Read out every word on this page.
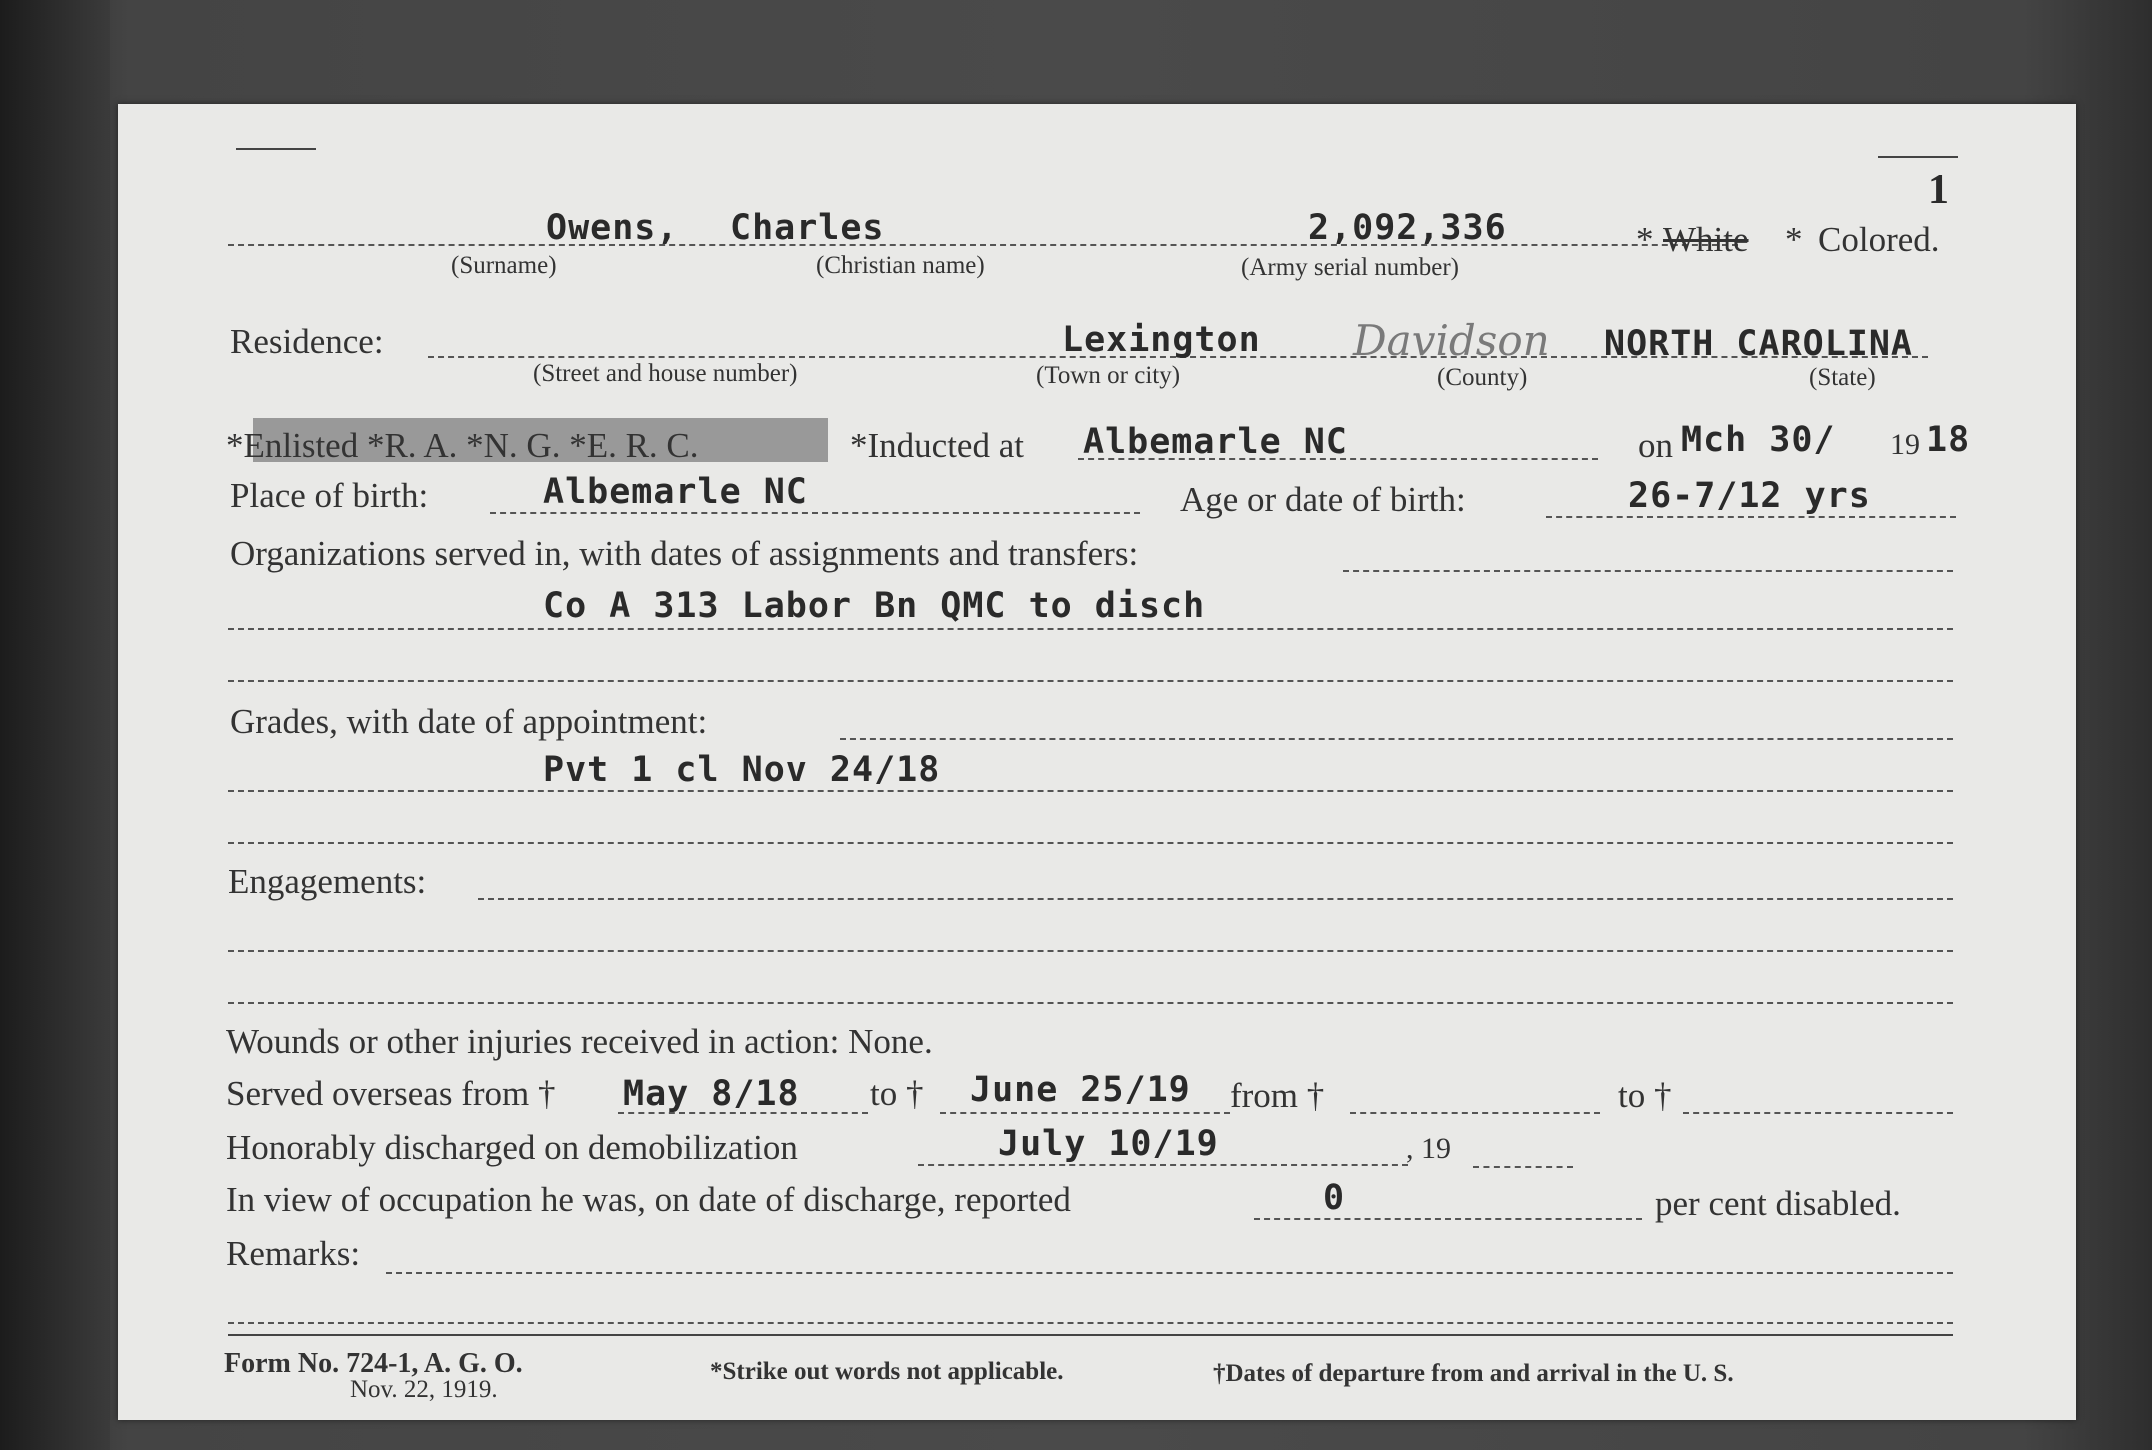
1
Owens, Charles	2,092,336
(Surname)	(Christian name)	(Army serial number)
* White * Colored.
Residence:	Lexington Davidson NORTH CAROLINA
(Street and house number)	(Town or city)	(County)	(State)
*Enlisted *R. A. *N. G. *E. R. C.	*Inducted at Albemarle NC	on Mch 30/ 19 18
Place of birth:	Albemarle NC	Age or date of birth:	26-7/12 yrs
Organizations served in, with dates of assignments and transfers:
Co A 313 Labor Bn QMC to disch
Grades, with date of appointment:
Pvt 1 cl Nov 24/18
Engagements:
Wounds or other injuries received in action: None.
Served overseas from † May 8/18 to † June 25/19 from †	to †
Honorably discharged on demobilization	July 10/19	, 19
In view of occupation he was, on date of discharge, reported	0	per cent disabled.
Remarks:
Form No. 724-1, A. G. O.
Nov. 22, 1919.
*Strike out words not applicable.	†Dates of departure from and arrival in the U. S.
